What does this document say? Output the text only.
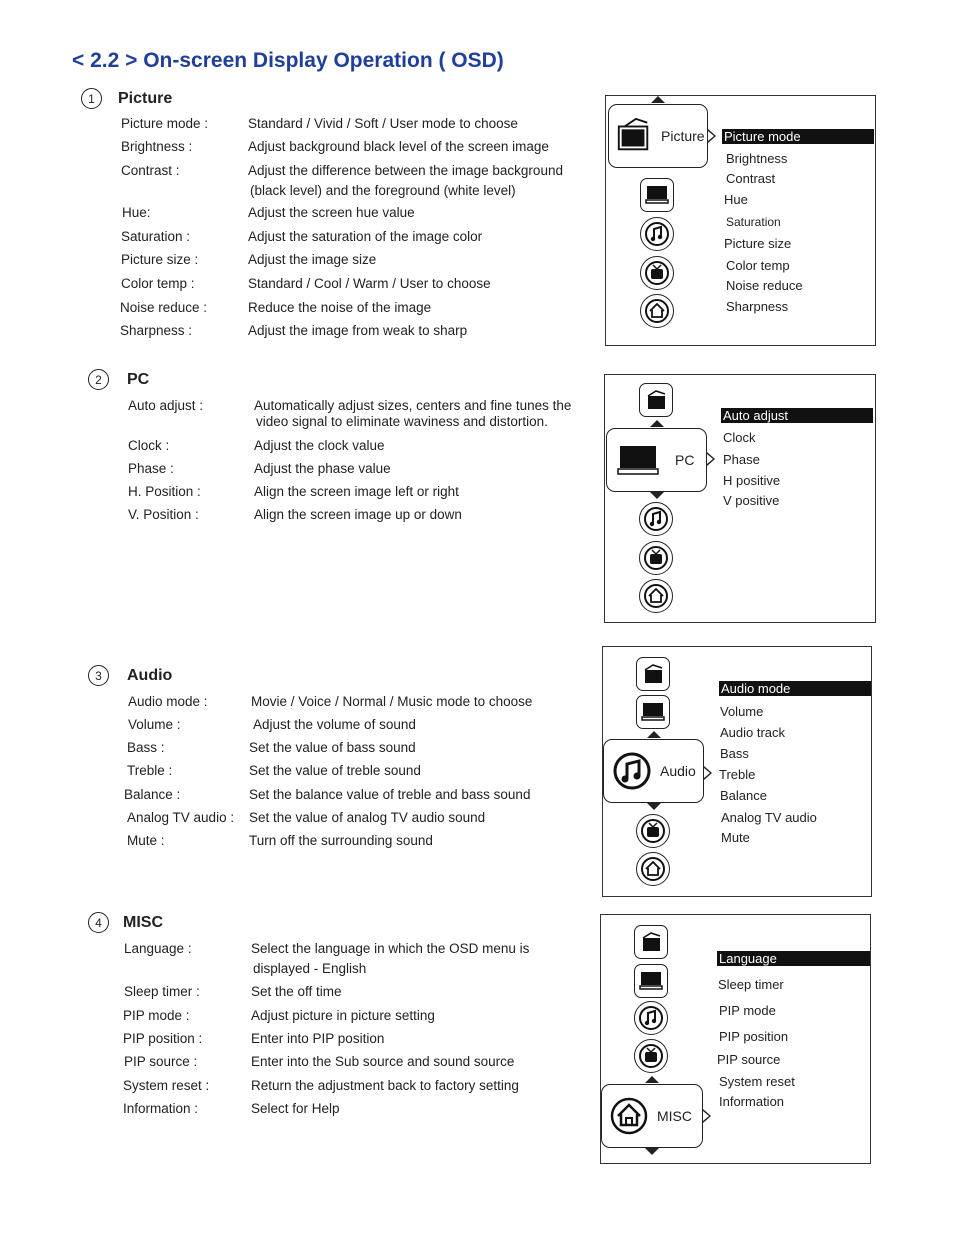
< 2.2 > On-screen Display Operation ( OSD)
1	Picture
Picture mode :	Standard / Vivid / Soft / User mode to choose
Brightness :	Adjust background black level of the screen image
Contrast :	Adjust the difference between the image background
(black level) and the foreground (white level)
Hue:	Adjust the screen hue value
Saturation :	Adjust the saturation of the image color
Picture size :	Adjust the image size
Color temp :	Standard / Cool / Warm / User to choose
Noise reduce :	Reduce the noise of the image
Sharpness :	Adjust the image from weak to sharp
Picture Picture mode
Brightness
Contrast
Hue
Saturation
Picture size
Color temp
Noise reduce
Sharpness
2	PC
Auto adjust :	Automatically adjust sizes, centers and fine tunes the
video signal to eliminate waviness and distortion.
Clock :	Adjust the clock value
Phase :	Adjust the phase value
H. Position :	Align the screen image left or right
V. Position :	Align the screen image up or down
PC
Auto adjust
Clock
Phase
H positive
V positive
3	Audio
Audio mode :	Movie / Voice / Normal / Music mode to choose
Volume :	Adjust the volume of sound
Bass :	Set the value of bass sound
Treble :	Set the value of treble sound
Balance :	Set the balance value of treble and bass sound
Analog TV audio : Set the value of analog TV audio sound
Mute :	Turn off the surrounding sound
Audio
Audio mode
Volume
Audio track
Bass
Treble
Balance
Analog TV audio
Mute
4	MISC
Language :	Select the language in which the OSD menu is
displayed - English
Sleep timer :	Set the off time
PIP mode :	Adjust picture in picture setting
PIP position :	Enter into PIP position
PIP source :	Enter into the Sub source and sound source
System reset :	Return the adjustment back to factory setting
Information :	Select for Help	MISC
Language
Sleep timer
PIP mode
PIP position
PIP source
System reset
Information
